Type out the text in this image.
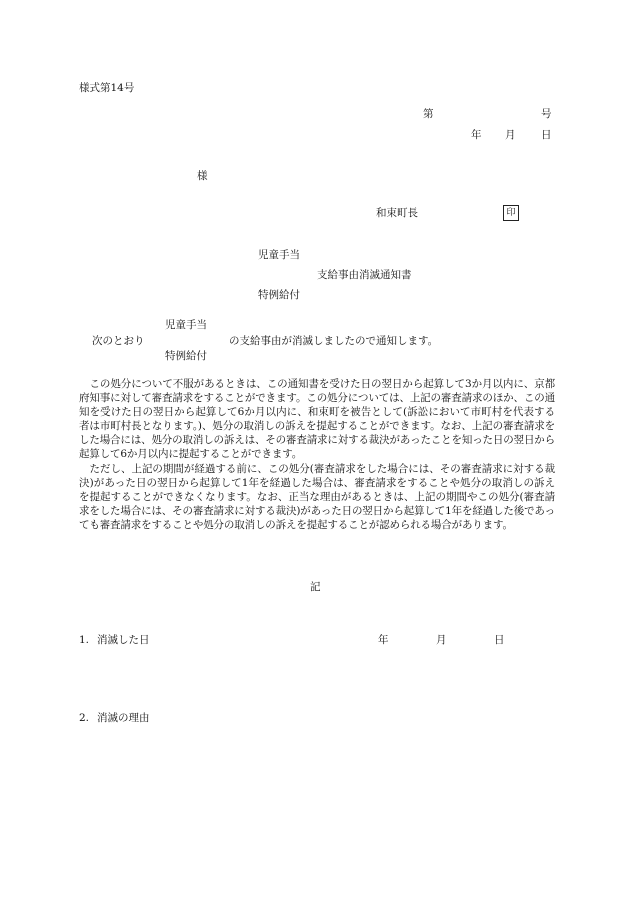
様式第14号
第	号
年 月 日
様
和束町長	印
児童手当
支給事由消滅通知書
特例給付
児童手当
次のとおり	の支給事由が消滅しましたので通知します。
特例給付

この処分について不服があるときは、この通知書を受けた日の翌日から起算して3か月以内に、京都府知事に対して審査請求をすることができます。この処分については、上記の審査請求のほか、この通知を受けた日の翌日から起算して6か月以内に、和束町を被告として(訴訟において市町村を代表する者は市町村長となります。)、処分の取消しの訴えを提起することができます。なお、上記の審査請求をした場合には、処分の取消しの訴えは、その審査請求に対する裁決があったことを知った日の翌日から起算して6か月以内に提起することができます。

ただし、上記の期間が経過する前に、この処分(審査請求をした場合には、その審査請求に対する裁決)があった日の翌日から起算して1年を経過した場合は、審査請求をすることや処分の取消しの訴えを提起することができなくなります。なお、正当な理由があるときは、上記の期間やこの処分(審査請求をした場合には、その審査請求に対する裁決)があった日の翌日から起算して1年を経過した後であっても審査請求をすることや処分の取消しの訴えを提起することが認められる場合があります。

記
1. 消滅した日	年	月	日
2. 消滅の理由
